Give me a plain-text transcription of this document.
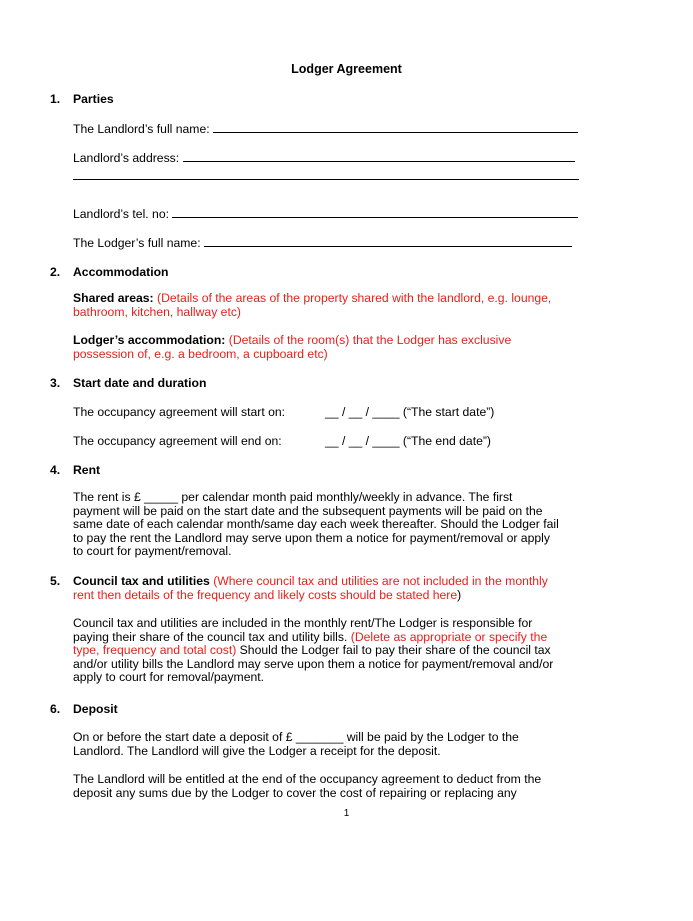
Lodger Agreement
1. Parties
The Landlord’s full name:
Landlord’s address:
Landlord’s tel. no:
The Lodger’s full name:
2. Accommodation
Shared areas: (Details of the areas of the property shared with the landlord, e.g. lounge,
bathroom, kitchen, hallway etc)
Lodger’s accommodation: (Details of the room(s) that the Lodger has exclusive
possession of, e.g. a bedroom, a cupboard etc)
3. Start date and duration
The occupancy agreement will start on:	__ / __ / ____ (“The start date”)
The occupancy agreement will end on:	__ / __ / ____ (“The end date”)
4. Rent
The rent is £ _____ per calendar month paid monthly/weekly in advance. The first
payment will be paid on the start date and the subsequent payments will be paid on the
same date of each calendar month/same day each week thereafter. Should the Lodger fail
to pay the rent the Landlord may serve upon them a notice for payment/removal or apply
to court for payment/removal.
5. Council tax and utilities (Where council tax and utilities are not included in the monthly
rent then details of the frequency and likely costs should be stated here)
Council tax and utilities are included in the monthly rent/The Lodger is responsible for
paying their share of the council tax and utility bills. (Delete as appropriate or specify the
type, frequency and total cost) Should the Lodger fail to pay their share of the council tax
and/or utility bills the Landlord may serve upon them a notice for payment/removal and/or
apply to court for removal/payment.
6. Deposit
On or before the start date a deposit of £ _______ will be paid by the Lodger to the
Landlord. The Landlord will give the Lodger a receipt for the deposit.
The Landlord will be entitled at the end of the occupancy agreement to deduct from the
deposit any sums due by the Lodger to cover the cost of repairing or replacing any
1
